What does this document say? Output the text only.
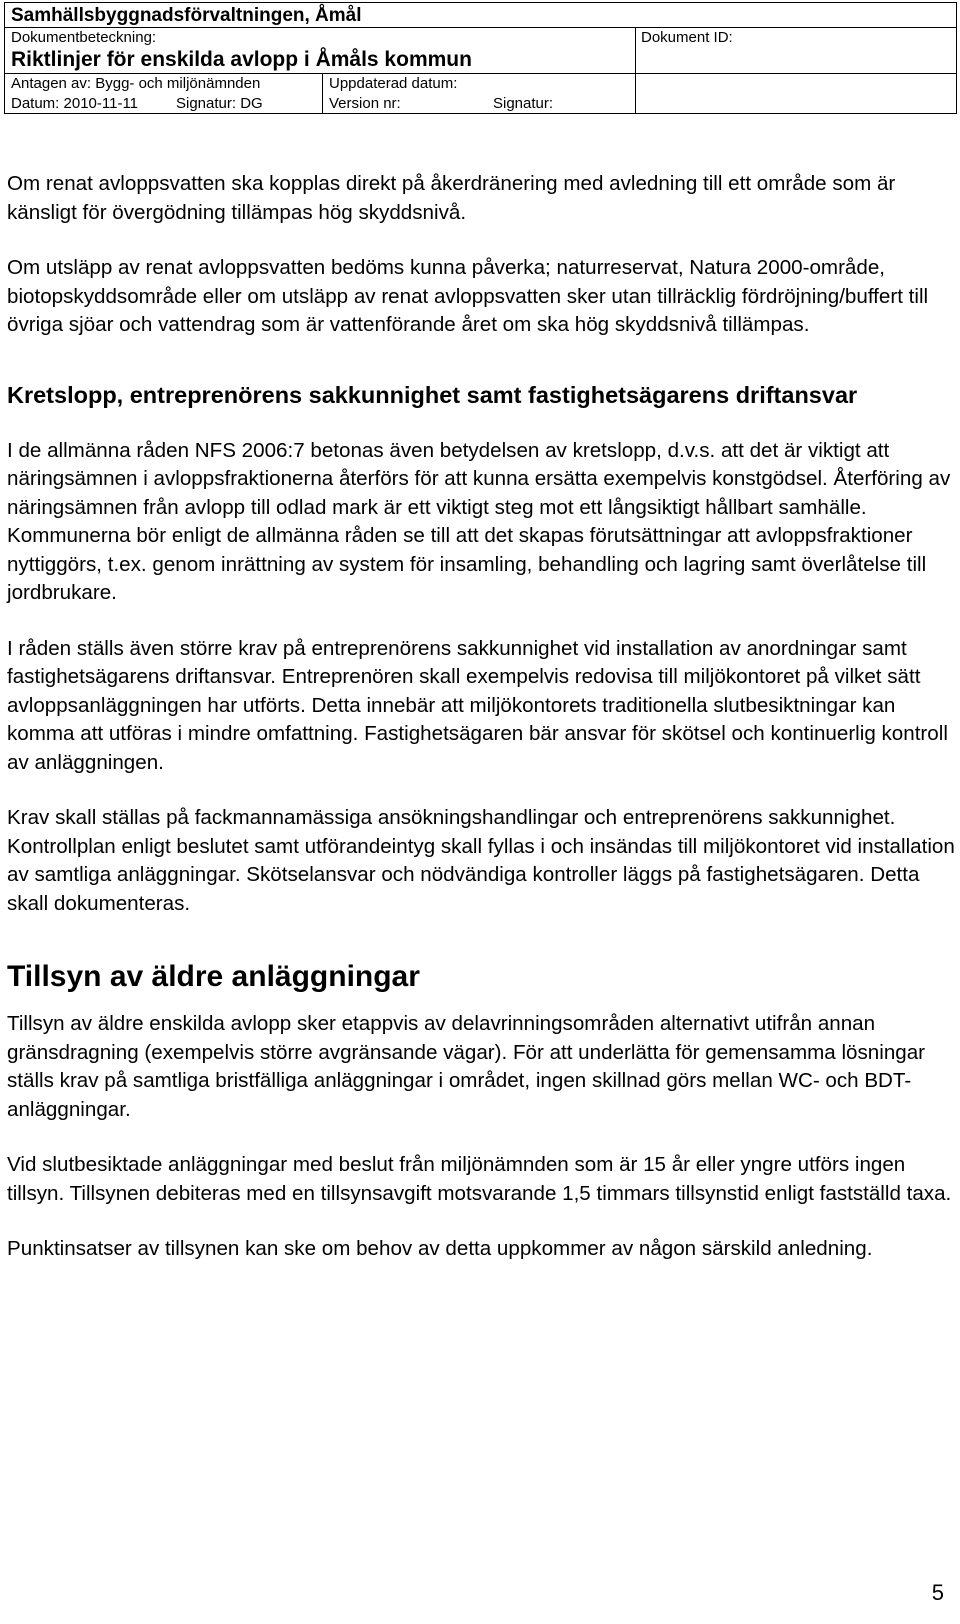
Samhällsbyggnadsförvaltningen, Åmål
Dokumentbeteckning:
Riktlinjer för enskilda avlopp i Åmåls kommun
Dokument ID:
Antagen av: Bygg- och miljönämnden
Datum: 2010-11-11	Signatur: DG
Uppdaterad datum:
Version nr:	Signatur:

Om renat avloppsvatten ska kopplas direkt på åkerdränering med avledning till ett område som är känsligt för övergödning tillämpas hög skyddsnivå.

Om utsläpp av renat avloppsvatten bedöms kunna påverka; naturreservat, Natura 2000-område, biotopskyddsområde eller om utsläpp av renat avloppsvatten sker utan tillräcklig fördröjning/buffert till övriga sjöar och vattendrag som är vattenförande året om ska hög skyddsnivå tillämpas.

Kretslopp, entreprenörens sakkunnighet samt fastighetsägarens driftansvar

I de allmänna råden NFS 2006:7 betonas även betydelsen av kretslopp, d.v.s. att det är viktigt att näringsämnen i avloppsfraktionerna återförs för att kunna ersätta exempelvis konstgödsel. Återföring av näringsämnen från avlopp till odlad mark är ett viktigt steg mot ett långsiktigt hållbart samhälle. Kommunerna bör enligt de allmänna råden se till att det skapas förutsättningar att avloppsfraktioner nyttiggörs, t.ex. genom inrättning av system för insamling, behandling och lagring samt överlåtelse till jordbrukare.

I råden ställs även större krav på entreprenörens sakkunnighet vid installation av anordningar samt fastighetsägarens driftansvar. Entreprenören skall exempelvis redovisa till miljökontoret på vilket sätt avloppsanläggningen har utförts. Detta innebär att miljökontorets traditionella slutbesiktningar kan komma att utföras i mindre omfattning. Fastighetsägaren bär ansvar för skötsel och kontinuerlig kontroll av anläggningen.

Krav skall ställas på fackmannamässiga ansökningshandlingar och entreprenörens sakkunnighet. Kontrollplan enligt beslutet samt utförandeintyg skall fyllas i och insändas till miljökontoret vid installation av samtliga anläggningar. Skötselansvar och nödvändiga kontroller läggs på fastighetsägaren. Detta skall dokumenteras.

Tillsyn av äldre anläggningar

Tillsyn av äldre enskilda avlopp sker etappvis av delavrinningsområden alternativt utifrån annan gränsdragning (exempelvis större avgränsande vägar). För att underlätta för gemensamma lösningar ställs krav på samtliga bristfälliga anläggningar i området, ingen skillnad görs mellan WC- och BDT-anläggningar.

Vid slutbesiktade anläggningar med beslut från miljönämnden som är 15 år eller yngre utförs ingen tillsyn. Tillsynen debiteras med en tillsynsavgift motsvarande 1,5 timmars tillsynstid enligt fastställd taxa.

Punktinsatser av tillsynen kan ske om behov av detta uppkommer av någon särskild anledning.

5
